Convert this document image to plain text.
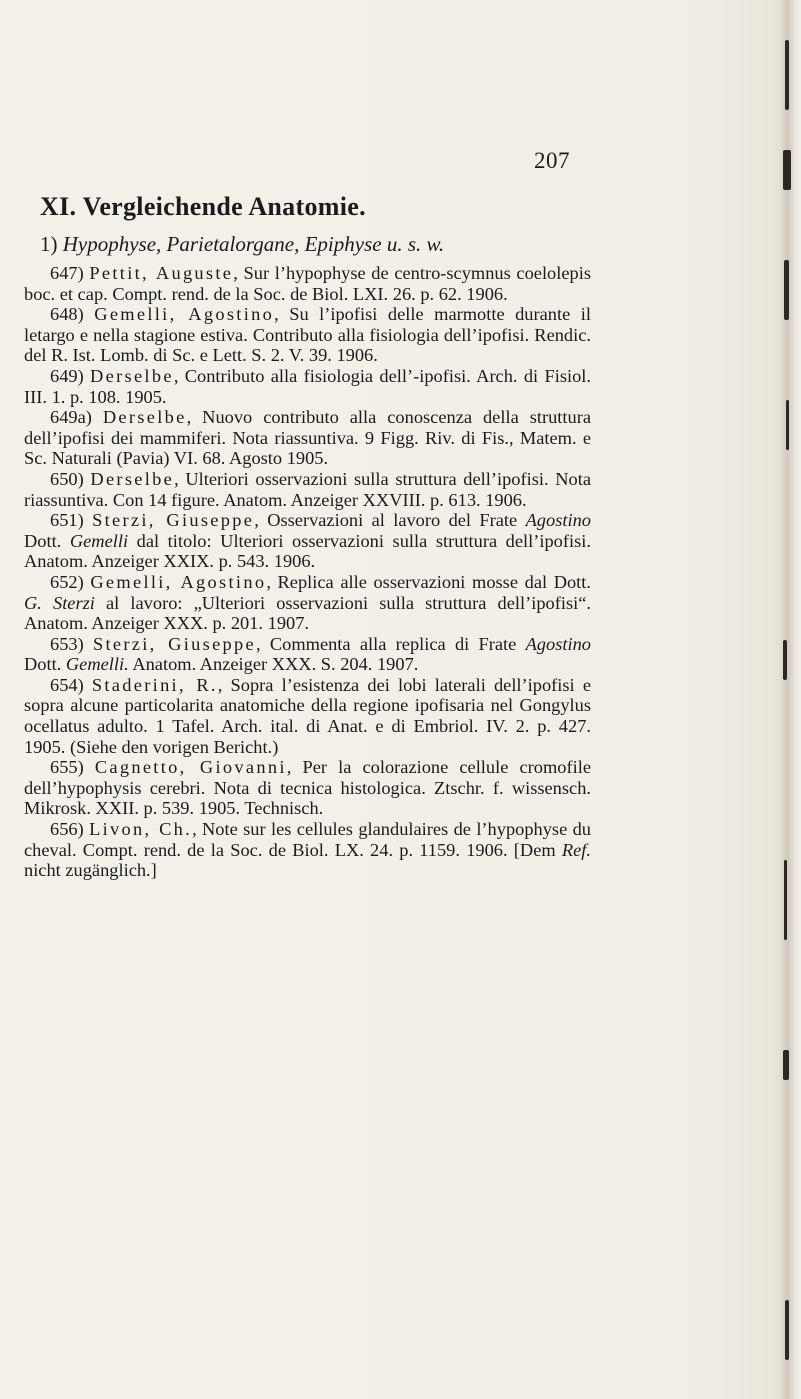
207
XI. Vergleichende Anatomie.
1) Hypophyse, Parietalorgane, Epiphyse u. s. w.

647) Pettit, Auguste, Sur l’hypophyse de centro-scymnus coelolepis boc. et cap. Compt. rend. de la Soc. de Biol. LXI. 26. p. 62. 1906.

648) Gemelli, Agostino, Su l’ipofisi delle marmotte durante il letargo e nella stagione estiva. Contributo alla fisiologia dell’ipofisi. Rendic. del R. Ist. Lomb. di Sc. e Lett. S. 2. V. 39. 1906.

649) Derselbe, Contributo alla fisiologia dell’-ipofisi. Arch. di Fisiol. III. 1. p. 108. 1905.

649a) Derselbe, Nuovo contributo alla conoscenza della struttura dell’ipofisi dei mammiferi. Nota riassuntiva. 9 Figg. Riv. di Fis., Matem. e Sc. Naturali (Pavia) VI. 68. Agosto 1905.

650) Derselbe, Ulteriori osservazioni sulla struttura dell’ipofisi. Nota riassuntiva. Con 14 figure. Anatom. Anzeiger XXVIII. p. 613. 1906.

651) Sterzi, Giuseppe, Osservazioni al lavoro del Frate Agostino Dott. Gemelli dal titolo: Ulteriori osservazioni sulla struttura dell’ipofisi. Anatom. Anzeiger XXIX. p. 543. 1906.

652) Gemelli, Agostino, Replica alle osservazioni mosse dal Dott. G. Sterzi al lavoro: „Ulteriori osservazioni sulla struttura dell’ipofisi“. Anatom. Anzeiger XXX. p. 201. 1907.

653) Sterzi, Giuseppe, Commenta alla replica di Frate Agostino Dott. Gemelli. Anatom. Anzeiger XXX. S. 204. 1907.

654) Staderini, R., Sopra l’esistenza dei lobi laterali dell’ipofisi e sopra alcune particolarita anatomiche della regione ipofisaria nel Gongylus ocellatus adulto. 1 Tafel. Arch. ital. di Anat. e di Embriol. IV. 2. p. 427. 1905. (Siehe den vorigen Bericht.)

655) Cagnetto, Giovanni, Per la colorazione cellule cromofile dell’hypophysis cerebri. Nota di tecnica histologica. Ztschr. f. wissensch. Mikrosk. XXII. p. 539. 1905. Technisch.

656) Livon, Ch., Note sur les cellules glandulaires de l’hypophyse du cheval. Compt. rend. de la Soc. de Biol. LX. 24. p. 1159. 1906. [Dem Ref. nicht zugänglich.]
